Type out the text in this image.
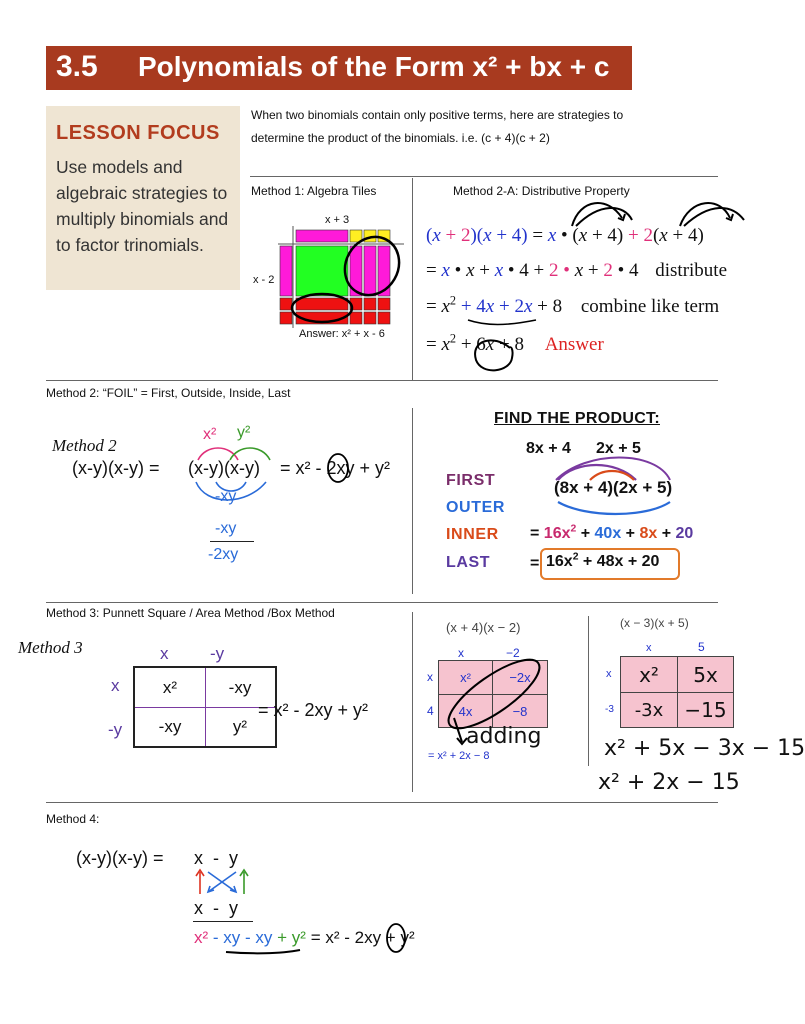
3.5 Polynomials of the Form x² + bx + c
LESSON FOCUS
Use models and algebraic strategies to multiply binomials and to factor trinomials.
When two binomials contain only positive terms, here are strategies to
determine the product of the binomials. i.e. (c + 4)(c + 2)
Method 1: Algebra Tiles
x + 3
x - 2
Answer: x² + x - 6
Method 2-A: Distributive Property
(x + 2)(x + 4) = x • (x + 4) + 2(x + 4)
= x • x + x • 4 + 2 • x + 2 • 4 distribute
= $x^2 + 4x + 2x + 8$ combine like term
= $x^2 + 6x + 8$ Answer
Method 2: “FOIL” = First, Outside, Inside, Last
Method 2
(x-y)(x-y) = (x-y)(x-y) = x² - 2xy + y²
x² y²
-xy
-xy
-2xy
FIND THE PRODUCT:
8x + 4 2x + 5
(8x + 4)(2x + 5)
FIRST
OUTER
INNER
LAST
= $16x^2 + 40x + 8x + 20$
= $16x^2 + 48x + 20$
Method 3: Punnett Square / Area Method /Box Method
Method 3	x -y
x
-y
x²	-xy
-xy	y²
= x² - 2xy + y²
(x + 4)(x − 2)
x	−2
x
4
x²	−2x
4x	−8
adding
= x² + 2x − 8
(x − 3)(x + 5)
x	5
x
-3
x²	5x
-3x	−15
x² + 5x − 3x − 15
x² + 2x − 15
Method 4:
(x-y)(x-y) = x  -  y
x  -  y
x² - xy - xy + y² = x² - 2xy + y²
